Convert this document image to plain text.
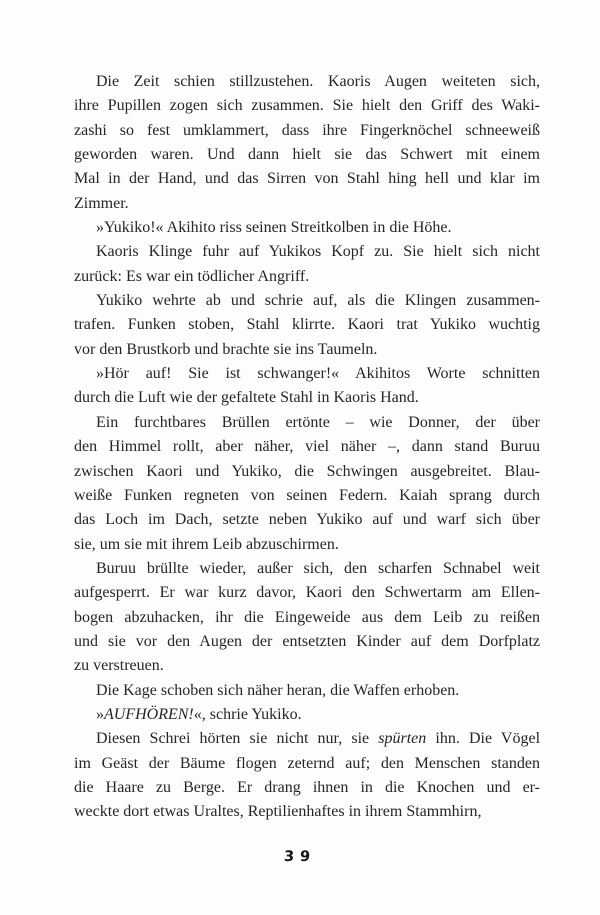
Die Zeit schien stillzustehen. Kaoris Augen weiteten sich,
ihre Pupillen zogen sich zusammen. Sie hielt den Griff des Waki-
zashi so fest umklammert, dass ihre Fingerknöchel schneeweiß
geworden waren. Und dann hielt sie das Schwert mit einem
Mal in der Hand, und das Sirren von Stahl hing hell und klar im
Zimmer.
»Yukiko!« Akihito riss seinen Streitkolben in die Höhe.
Kaoris Klinge fuhr auf Yukikos Kopf zu. Sie hielt sich nicht
zurück: Es war ein tödlicher Angriff.
Yukiko wehrte ab und schrie auf, als die Klingen zusammen-
trafen. Funken stoben, Stahl klirrte. Kaori trat Yukiko wuchtig
vor den Brustkorb und brachte sie ins Taumeln.
»Hör auf! Sie ist schwanger!« Akihitos Worte schnitten
durch die Luft wie der gefaltete Stahl in Kaoris Hand.
Ein furchtbares Brüllen ertönte – wie Donner, der über
den Himmel rollt, aber näher, viel näher –, dann stand Buruu
zwischen Kaori und Yukiko, die Schwingen ausgebreitet. Blau-
weiße Funken regneten von seinen Federn. Kaiah sprang durch
das Loch im Dach, setzte neben Yukiko auf und warf sich über
sie, um sie mit ihrem Leib abzuschirmen.
Buruu brüllte wieder, außer sich, den scharfen Schnabel weit
aufgesperrt. Er war kurz davor, Kaori den Schwertarm am Ellen-
bogen abzuhacken, ihr die Eingeweide aus dem Leib zu reißen
und sie vor den Augen der entsetzten Kinder auf dem Dorfplatz
zu verstreuen.
Die Kage schoben sich näher heran, die Waffen erhoben.
»AUFHÖREN!«, schrie Yukiko.
Diesen Schrei hörten sie nicht nur, sie spürten ihn. Die Vögel
im Geäst der Bäume flogen zeternd auf; den Menschen standen
die Haare zu Berge. Er drang ihnen in die Knochen und er-
weckte dort etwas Uraltes, Reptilienhaftes in ihrem Stammhirn,
39
